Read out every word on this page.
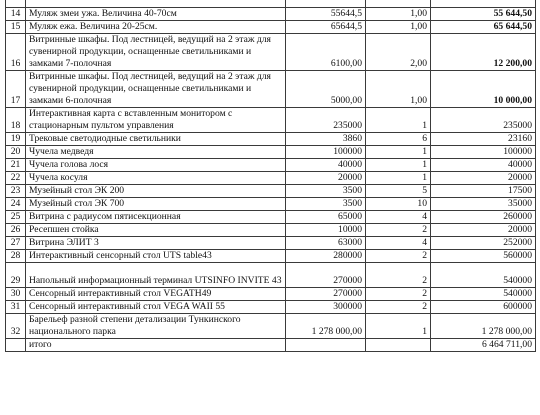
14	Муляж змеи ужа. Величина 40-70см	55644,5	1,00	55 644,50
15	Муляж ежа. Величина 20-25см.	65644,5	1,00	65 644,50
16	Витринные шкафы. Под лестницей, ведущий на 2 этаж для сувенирной продукции, оснащенные светильниками и замками 7-полочная	6100,00	2,00	12 200,00
17	Витринные шкафы. Под лестницей, ведущий на 2 этаж для сувенирной продукции, оснащенные светильниками и замками 6-полочная	5000,00	1,00	10 000,00
18	Интерактивная карта с вставленным монитором с стационарным пультом управления	235000	1	235000
19	Трековые светодиодные светильники	3860	6	23160
20	Чучела медведя	100000	1	100000
21	Чучела голова лося	40000	1	40000
22	Чучела косуля	20000	1	20000
23	Музейный стол ЭК 200	3500	5	17500
24	Музейный стол ЭК 700	3500	10	35000
25	Витрина с радиусом пятисекционная	65000	4	260000
26	Ресепшен стойка	10000	2	20000
27	Витрина ЭЛИТ 3	63000	4	252000
28	Интерактивный сенсорный стол UTS table43	280000	2	560000
29	Напольный информационный терминал UTSINFO INVITE 43	270000	2	540000
30	Сенсорный интерактивный стол VEGATH49	270000	2	540000
31	Сенсорный интерактивный стол VEGA WAII 55	300000	2	600000
32	Барельеф разной степени детализации Тункинского национального парка	1 278 000,00	1	1 278 000,00
	итого			6 464 711,00
